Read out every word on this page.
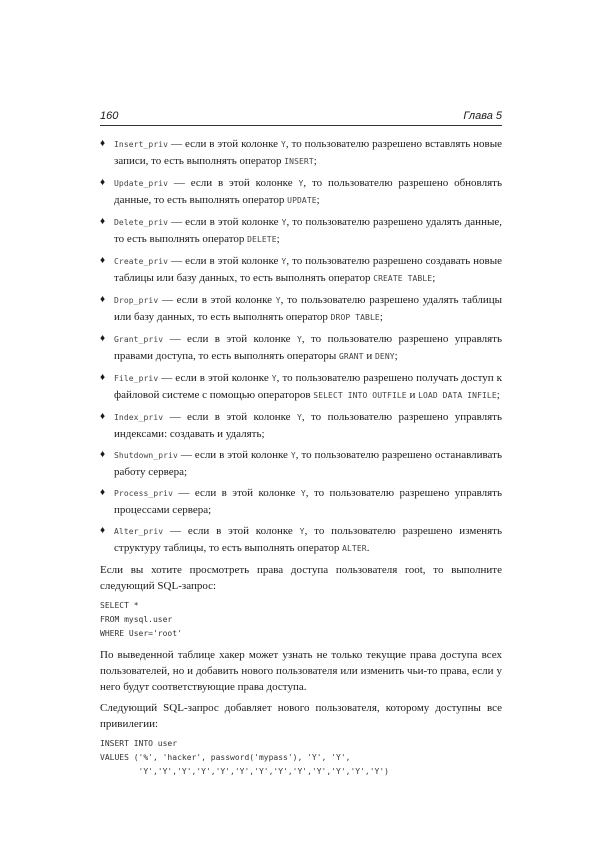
160	Глава 5
♦ Insert_priv — если в этой колонке Y, то пользователю разрешено вставлять новые записи, то есть выполнять оператор INSERT;
♦ Update_priv — если в этой колонке Y, то пользователю разрешено обновлять данные, то есть выполнять оператор UPDATE;
♦ Delete_priv — если в этой колонке Y, то пользователю разрешено удалять данные, то есть выполнять оператор DELETE;
♦ Create_priv — если в этой колонке Y, то пользователю разрешено создавать новые таблицы или базу данных, то есть выполнять оператор CREATE TABLE;
♦ Drop_priv — если в этой колонке Y, то пользователю разрешено удалять таблицы или базу данных, то есть выполнять оператор DROP TABLE;
♦ Grant_priv — если в этой колонке Y, то пользователю разрешено управлять правами доступа, то есть выполнять операторы GRANT и DENY;
♦ File_priv — если в этой колонке Y, то пользователю разрешено получать доступ к файловой системе с помощью операторов SELECT INTO OUTFILE и LOAD DATA INFILE;
♦ Index_priv — если в этой колонке Y, то пользователю разрешено управлять индексами: создавать и удалять;
♦ Shutdown_priv — если в этой колонке Y, то пользователю разрешено останавливать работу сервера;
♦ Process_priv — если в этой колонке Y, то пользователю разрешено управлять процессами сервера;
♦ Alter_priv — если в этой колонке Y, то пользователю разрешено изменять структуру таблицы, то есть выполнять оператор ALTER.

Если вы хотите просмотреть права доступа пользователя root, то выполните следующий SQL-запрос:

SELECT *
FROM mysql.user
WHERE User='root'

По выведенной таблице хакер может узнать не только текущие права доступа всех пользователей, но и добавить нового пользователя или изменить чьи-то права, если у него будут соответствующие права доступа.

Следующий SQL-запрос добавляет нового пользователя, которому доступны все привилегии:

INSERT INTO user
VALUES ('%', 'hacker', password('mypass'), 'Y', 'Y',
'Y','Y','Y','Y','Y','Y','Y','Y','Y','Y','Y','Y','Y')
